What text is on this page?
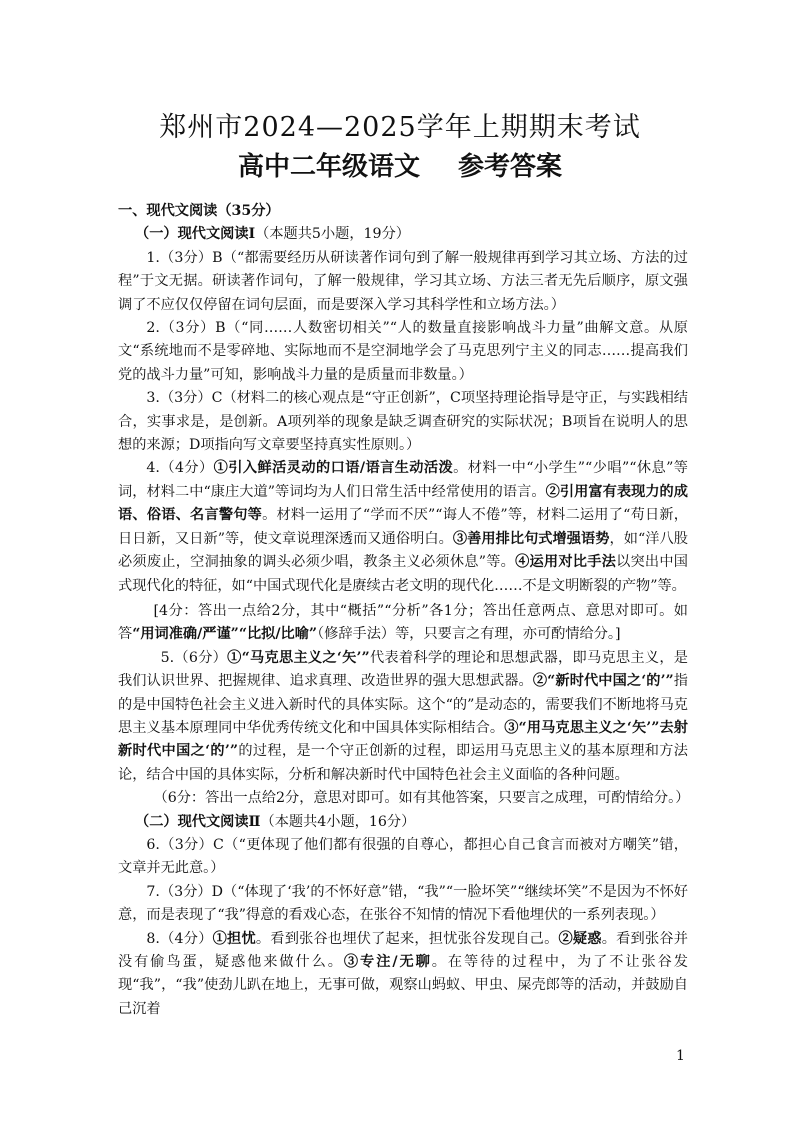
郑州市2024—2025学年上期期末考试
高中二年级语文 参考答案

一、现代文阅读（35分）

（一）现代文阅读Ⅰ（本题共5小题，19分）

1.（3分）B（“都需要经历从研读著作词句到了解一般规律再到学习其立场、方法的过程”于文无据。研读著作词句，了解一般规律，学习其立场、方法三者无先后顺序，原文强调了不应仅仅停留在词句层面，而是要深入学习其科学性和立场方法。）

2.（3分）B（“同……人数密切相关”“人的数量直接影响战斗力量”曲解文意。从原文“系统地而不是零碎地、实际地而不是空洞地学会了马克思列宁主义的同志……提高我们党的战斗力量”可知，影响战斗力量的是质量而非数量。）

3.（3分）C（材料二的核心观点是“守正创新”，C项坚持理论指导是守正，与实践相结合，实事求是，是创新。A项列举的现象是缺乏调查研究的实际状况；B项旨在说明人的思想的来源；D项指向写文章要坚持真实性原则。）

4.（4分）①引入鲜活灵动的口语/语言生动活泼。材料一中“小学生”“少唱”“休息”等词，材料二中“康庄大道”等词均为人们日常生活中经常使用的语言。②引用富有表现力的成语、俗语、名言警句等。材料一运用了“学而不厌”“诲人不倦”等，材料二运用了“苟日新，日日新，又日新”等，使文章说理深透而又通俗明白。③善用排比句式增强语势，如“洋八股必须废止，空洞抽象的调头必须少唱，教条主义必须休息”等。④运用对比手法以突出中国式现代化的特征，如“中国式现代化是赓续古老文明的现代化……不是文明断裂的产物”等。

[4分：答出一点给2分，其中“概括”“分析”各1分；答出任意两点、意思对即可。如答“用词准确/严谨”“比拟/比喻”（修辞手法）等，只要言之有理，亦可酌情给分。]

5.（6分）①“马克思主义之‘矢’”代表着科学的理论和思想武器，即马克思主义，是我们认识世界、把握规律、追求真理、改造世界的强大思想武器。②“新时代中国之‘的’”指的是中国特色社会主义进入新时代的具体实际。这个“的”是动态的，需要我们不断地将马克思主义基本原理同中华优秀传统文化和中国具体实际相结合。③“用马克思主义之‘矢’”去射新时代中国之‘的’”的过程，是一个守正创新的过程，即运用马克思主义的基本原理和方法论，结合中国的具体实际，分析和解决新时代中国特色社会主义面临的各种问题。

（6分：答出一点给2分，意思对即可。如有其他答案，只要言之成理，可酌情给分。）

（二）现代文阅读Ⅱ（本题共4小题，16分）

6.（3分）C（“更体现了他们都有很强的自尊心，都担心自己食言而被对方嘲笑”错，文章并无此意。）

7.（3分）D（“体现了‘我’的不怀好意”错，“我”“一脸坏笑”“继续坏笑”不是因为不怀好意，而是表现了“我”得意的看戏心态，在张谷不知情的情况下看他埋伏的一系列表现。）

8.（4分）①担忧。看到张谷也埋伏了起来，担忧张谷发现自己。②疑惑。看到张谷并没有偷鸟蛋，疑惑他来做什么。③专注/无聊。在等待的过程中，为了不让张谷发现“我”，“我”使劲儿趴在地上，无事可做，观察山蚂蚁、甲虫、屎壳郎等的活动，并鼓励自己沉着

1
